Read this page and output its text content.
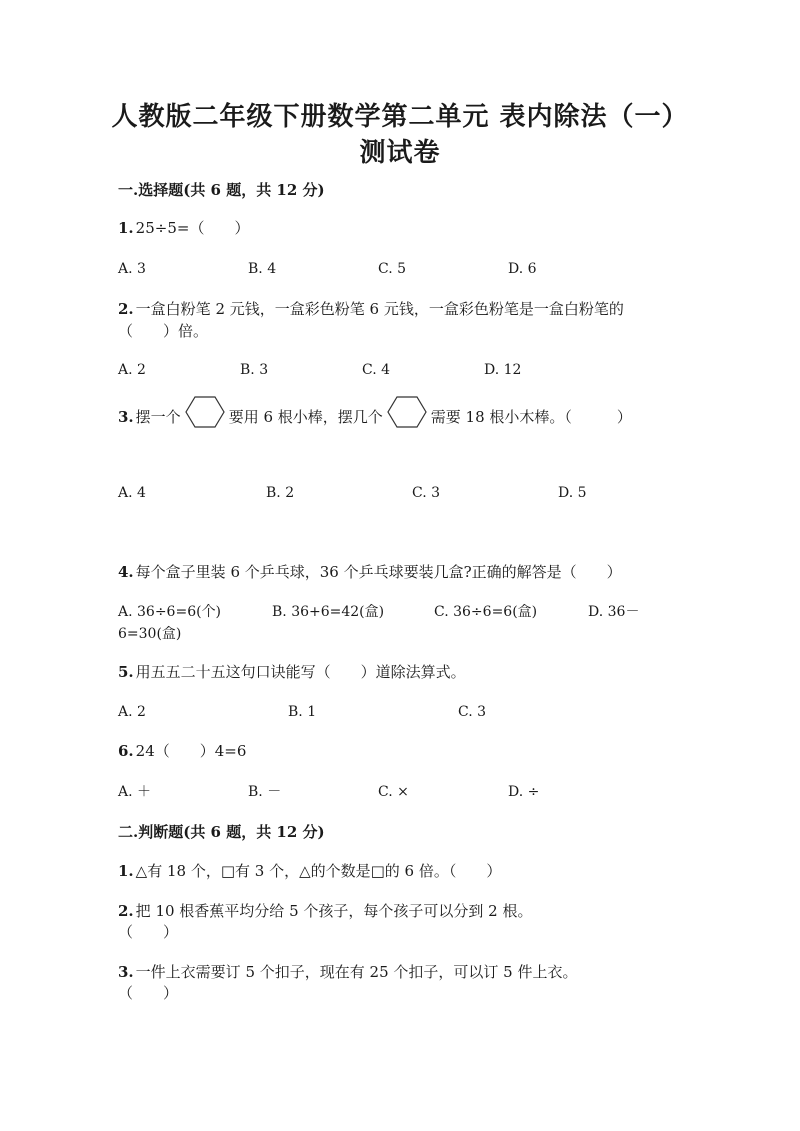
人教版二年级下册数学第二单元 表内除法（一）
测试卷
一.选择题(共 6 题，共 12 分)
1. 25÷5=（　　）
A. 3	B. 4	C. 5	D. 6
2. 一盒白粉笔 2 元钱，一盒彩色粉笔 6 元钱，一盒彩色粉笔是一盒白粉笔的
（　　）倍。
A. 2	B. 3	C. 4	D. 12
3. 摆一个	要用 6 根小棒，摆几个	需要 18 根小木棒。（　　　）
A. 4	B. 2	C. 3	D. 5
4. 每个盒子里装 6 个乒乓球，36 个乒乓球要装几盒?正确的解答是（　　）
A. 36÷6=6(个)	B. 36+6=42(盒)	C. 36÷6=6(盒)	D. 36－
6=30(盒)
5. 用五五二十五这句口诀能写（　　）道除法算式。
A. 2	B. 1	C. 3
6. 24（　　）4=6
A. ＋	B. －	C. ×	D. ÷
二.判断题(共 6 题，共 12 分)
1. △有 18 个，□有 3 个，△的个数是□的 6 倍。（　　）
2. 把 10 根香蕉平均分给 5 个孩子，每个孩子可以分到 2 根。
（　　）
3. 一件上衣需要订 5 个扣子，现在有 25 个扣子，可以订 5 件上衣。
（　　）
